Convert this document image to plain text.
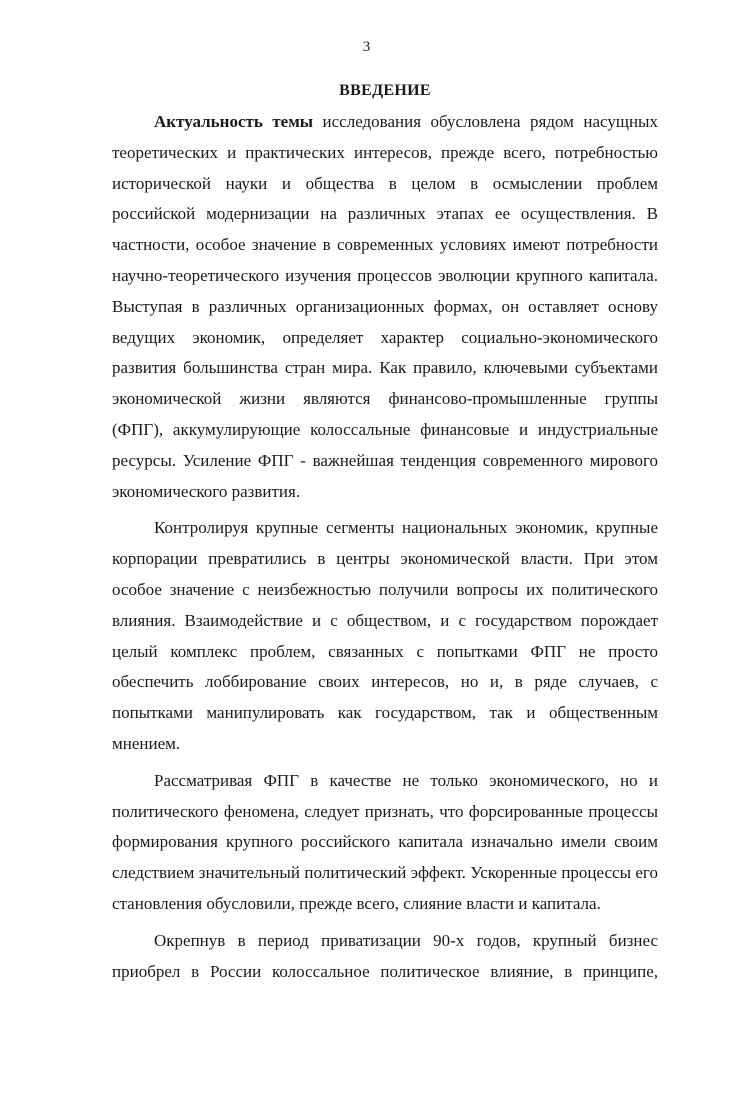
3
ВВЕДЕНИЕ

Актуальность темы исследования обусловлена рядом насущных теоретических и практических интересов, прежде всего, потребностью исторической науки и общества в целом в осмыслении проблем российской модернизации на различных этапах ее осуществления. В частности, особое значение в современных условиях имеют потребности научно-теоретического изучения процессов эволюции крупного капитала. Выступая в различных организационных формах, он оставляет основу ведущих экономик, определяет характер социально-экономического развития большинства стран мира. Как правило, ключевыми субъектами экономической жизни являются финансово-промышленные группы (ФПГ), аккумулирующие колоссальные финансовые и индустриальные ресурсы. Усиление ФПГ - важнейшая тенденция современного мирового экономического развития.

Контролируя крупные сегменты национальных экономик, крупные корпорации превратились в центры экономической власти. При этом особое значение с неизбежностью получили вопросы их политического влияния. Взаимодействие и с обществом, и с государством порождает целый комплекс проблем, связанных с попытками ФПГ не просто обеспечить лоббирование своих интересов, но и, в ряде случаев, с попытками манипулировать как государством, так и общественным мнением.

Рассматривая ФПГ в качестве не только экономического, но и политического феномена, следует признать, что форсированные процессы формирования крупного российского капитала изначально имели своим следствием значительный политический эффект. Ускоренные процессы его становления обусловили, прежде всего, слияние власти и капитала.

Окрепнув в период приватизации 90-х годов, крупный бизнес приобрел в России колоссальное политическое влияние, в принципе,
